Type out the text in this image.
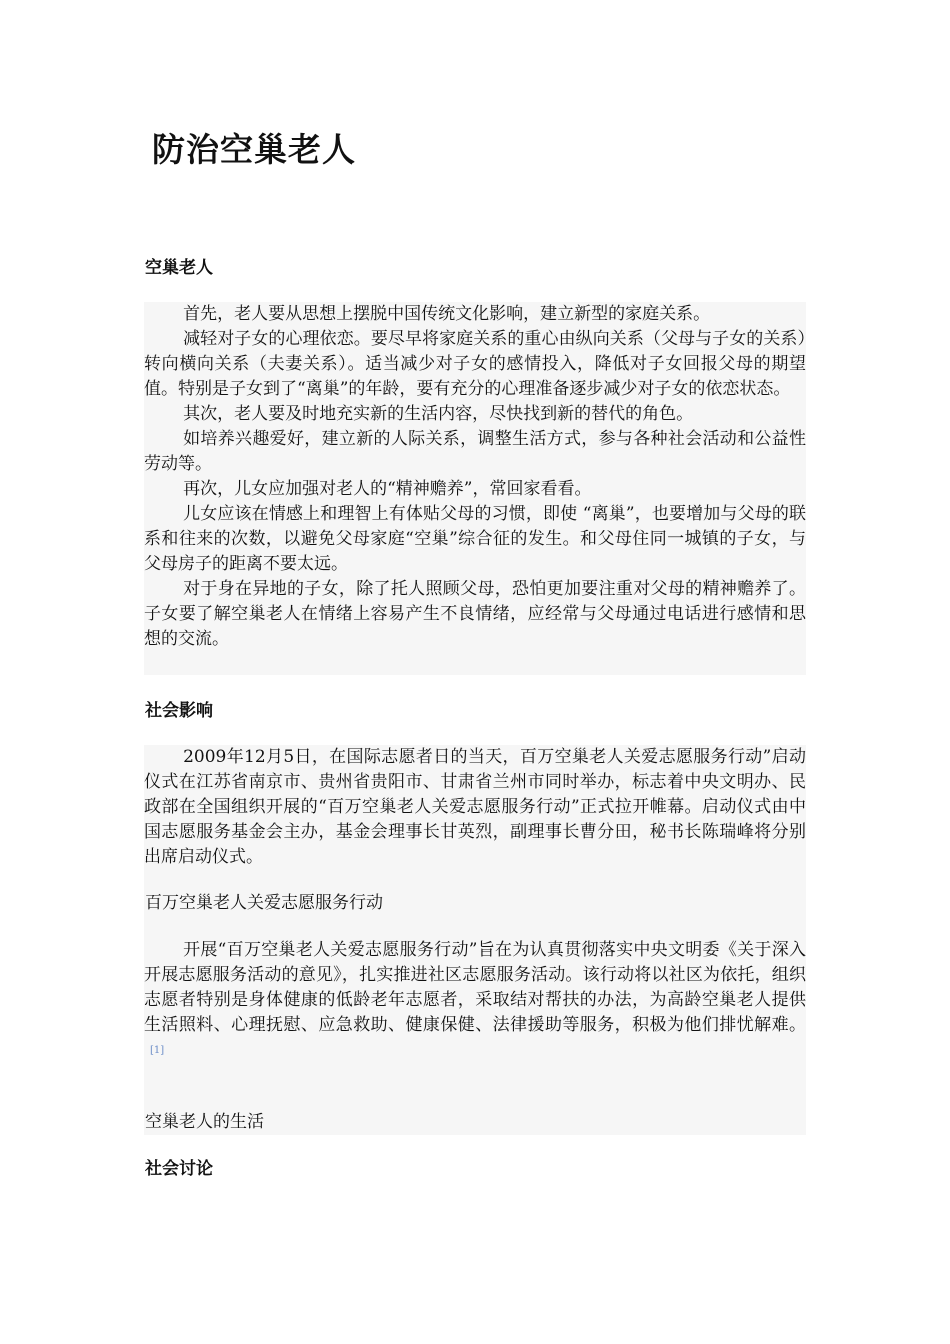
防治空巢老人
空巢老人

首先，老人要从思想上摆脱中国传统文化影响，建立新型的家庭关系。

减轻对子女的心理依恋。要尽早将家庭关系的重心由纵向关系（父母与子女的关系）转向横向关系（夫妻关系）。适当减少对子女的感情投入，降低对子女回报父母的期望值。特别是子女到了“离巢”的年龄，要有充分的心理准备逐步减少对子女的依恋状态。

其次，老人要及时地充实新的生活内容，尽快找到新的替代的角色。

如培养兴趣爱好，建立新的人际关系，调整生活方式，参与各种社会活动和公益性劳动等。

再次，儿女应加强对老人的“精神赡养”，常回家看看。

儿女应该在情感上和理智上有体贴父母的习惯，即使 “离巢”，也要增加与父母的联系和往来的次数，以避免父母家庭“空巢”综合征的发生。和父母住同一城镇的子女，与父母房子的距离不要太远。

对于身在异地的子女，除了托人照顾父母，恐怕更加要注重对父母的精神赡养了。子女要了解空巢老人在情绪上容易产生不良情绪，应经常与父母通过电话进行感情和思想的交流。

社会影响

2009年12月5日，在国际志愿者日的当天，百万空巢老人关爱志愿服务行动”启动仪式在江苏省南京市、贵州省贵阳市、甘肃省兰州市同时举办，标志着中央文明办、民政部在全国组织开展的“百万空巢老人关爱志愿服务行动”正式拉开帷幕。启动仪式由中国志愿服务基金会主办，基金会理事长甘英烈，副理事长曹分田，秘书长陈瑞峰将分别出席启动仪式。

百万空巢老人关爱志愿服务行动

开展“百万空巢老人关爱志愿服务行动”旨在为认真贯彻落实中央文明委《关于深入开展志愿服务活动的意见》，扎实推进社区志愿服务活动。该行动将以社区为依托，组织志愿者特别是身体健康的低龄老年志愿者，采取结对帮扶的办法，为高龄空巢老人提供生活照料、心理抚慰、应急救助、健康保健、法律援助等服务，积极为他们排忧解难。[1]

空巢老人的生活
社会讨论
